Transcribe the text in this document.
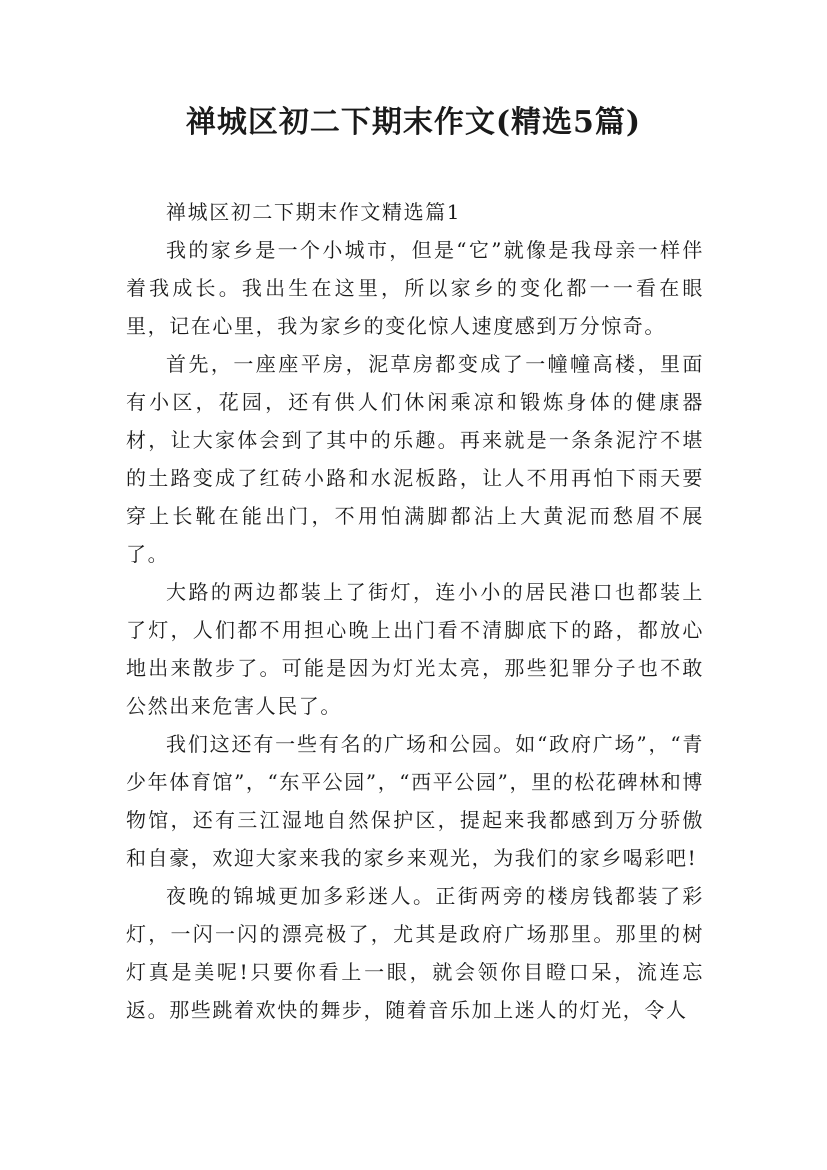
禅城区初二下期末作文(精选5篇)

禅城区初二下期末作文精选篇1

我的家乡是一个小城市，但是“它”就像是我母亲一样伴着我成长。我出生在这里，所以家乡的变化都一一看在眼里，记在心里，我为家乡的变化惊人速度感到万分惊奇。

首先，一座座平房，泥草房都变成了一幢幢高楼，里面有小区，花园，还有供人们休闲乘凉和锻炼身体的健康器材，让大家体会到了其中的乐趣。再来就是一条条泥泞不堪的土路变成了红砖小路和水泥板路，让人不用再怕下雨天要穿上长靴在能出门，不用怕满脚都沾上大黄泥而愁眉不展了。

大路的两边都装上了街灯，连小小的居民港口也都装上了灯，人们都不用担心晚上出门看不清脚底下的路，都放心地出来散步了。可能是因为灯光太亮，那些犯罪分子也不敢公然出来危害人民了。

我们这还有一些有名的广场和公园。如“政府广场”，“青少年体育馆”，“东平公园”，“西平公园”，里的松花碑林和博物馆，还有三江湿地自然保护区，提起来我都感到万分骄傲和自豪，欢迎大家来我的家乡来观光，为我们的家乡喝彩吧!

夜晚的锦城更加多彩迷人。正街两旁的楼房钱都装了彩灯，一闪一闪的漂亮极了，尤其是政府广场那里。那里的树灯真是美呢!只要你看上一眼，就会领你目瞪口呆，流连忘返。那些跳着欢快的舞步，随着音乐加上迷人的灯光，令人
